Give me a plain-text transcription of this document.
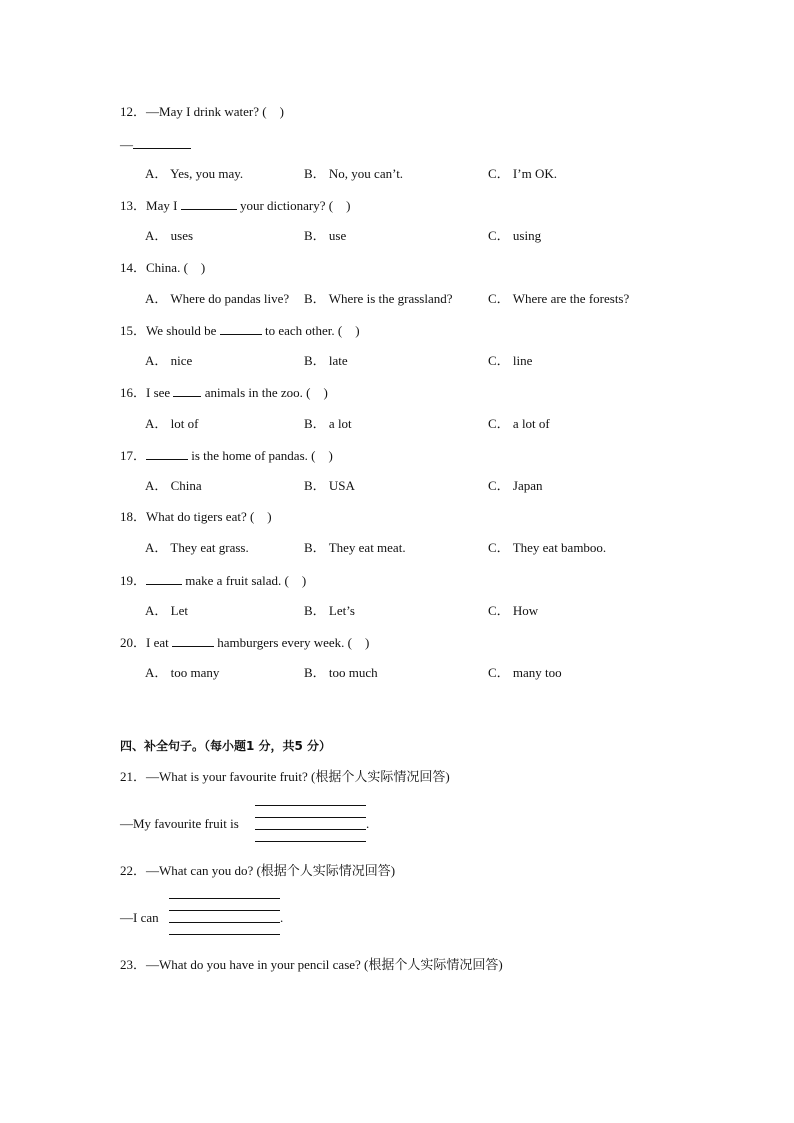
12．—May I drink water? (　)
—
A． Yes, you may.	B． No, you can’t.	C． I’m OK.
13．May I	your dictionary? (　)
A． uses	B． use	C． using
14．China. (　)
A． Where do pandas live? B． Where is the grassland?	C． Where are the forests?
15．We should be	to each other. (　)
A． nice	B． late	C． line
16．I see  animals in the zoo. (　)
A． lot of	B． a lot	C． a lot of
17．	is the home of pandas. (　)
A． China	B． USA	C． Japan
18．What do tigers eat? (　)
A． They eat grass.	B． They eat meat.	C． They eat bamboo.
19．	make a fruit salad. (　)
A． Let	B． Let’s	C． How
20．I eat	hamburgers every week. (　)
A． too many	B． too much	C． many too
四、补全句子。（每小题1 分，共5 分）
21．—What is your favourite fruit? (根据个人实际情况回答)
—My favourite fruit is	.
22．—What can you do? (根据个人实际情况回答)
—I can	.
23．—What do you have in your pencil case? (根据个人实际情况回答)
